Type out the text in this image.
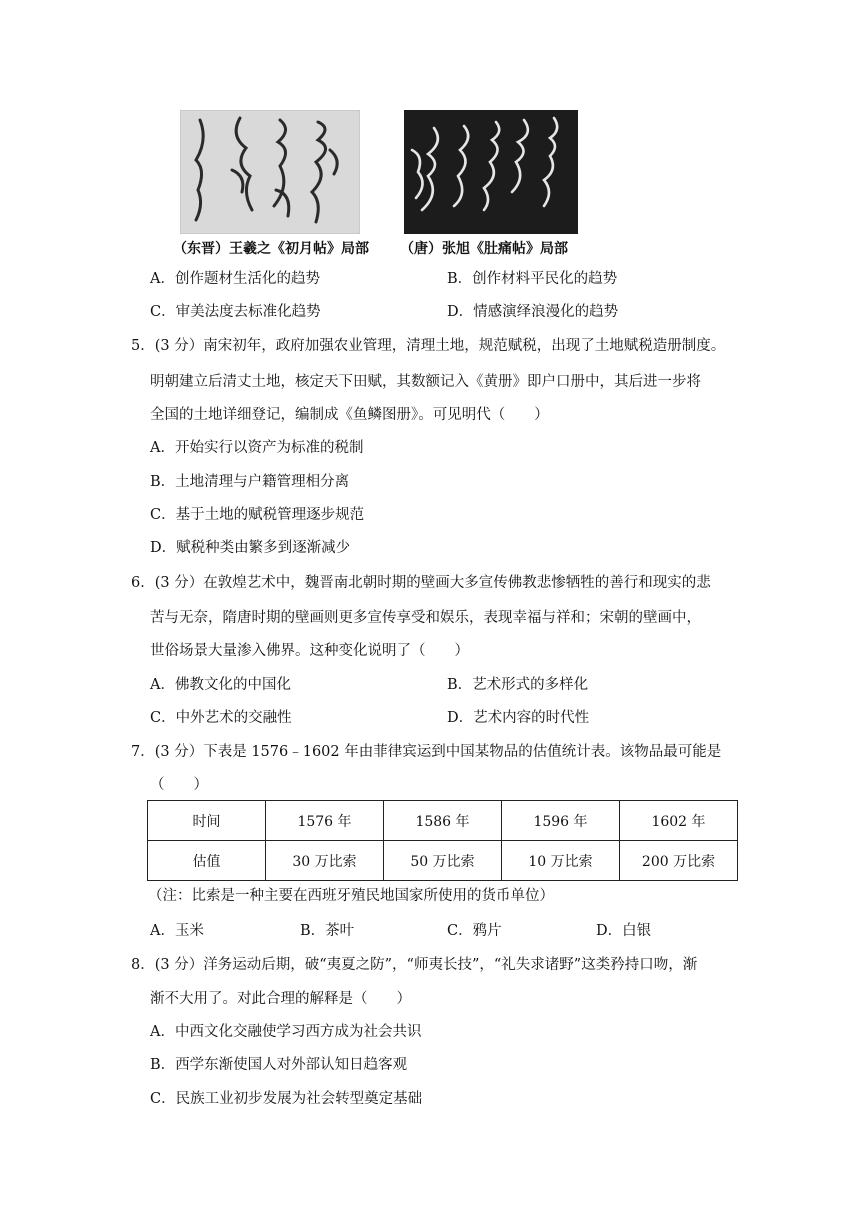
（东晋）王羲之《初月帖》局部 （唐）张旭《肚痛帖》局部
A．创作题材生活化的趋势	B．创作材料平民化的趋势
C．审美法度去标准化趋势	D．情感演绎浪漫化的趋势
5．(3 分）南宋初年，政府加强农业管理，清理土地，规范赋税，出现了土地赋税造册制度。
明朝建立后清丈土地，核定天下田赋，其数额记入《黄册》即户口册中，其后进一步将
全国的土地详细登记，编制成《鱼鳞图册》。可见明代（　　）
A．开始实行以资产为标准的税制
B．土地清理与户籍管理相分离
C．基于土地的赋税管理逐步规范
D．赋税种类由繁多到逐渐减少
6．(3 分）在敦煌艺术中，魏晋南北朝时期的壁画大多宣传佛教悲惨牺牲的善行和现实的悲
苦与无奈，隋唐时期的壁画则更多宣传享受和娱乐，表现幸福与祥和；宋朝的壁画中，
世俗场景大量渗入佛界。这种变化说明了（　　）
A．佛教文化的中国化	B．艺术形式的多样化
C．中外艺术的交融性	D．艺术内容的时代性
7．(3 分）下表是 1576﹣1602 年由菲律宾运到中国某物品的估值统计表。该物品最可能是
（　　）
时间	1576 年	1586 年	1596 年	1602 年
估值	30 万比索	50 万比索	10 万比索	200 万比索
（注：比索是一种主要在西班牙殖民地国家所使用的货币单位）
A．玉米	B．茶叶	C．鸦片	D．白银
8．(3 分）洋务运动后期，破“夷夏之防”，“师夷长技”，“礼失求诸野”这类矜持口吻，渐
渐不大用了。对此合理的解释是（　　）
A．中西文化交融使学习西方成为社会共识
B．西学东渐使国人对外部认知日趋客观
C．民族工业初步发展为社会转型奠定基础
